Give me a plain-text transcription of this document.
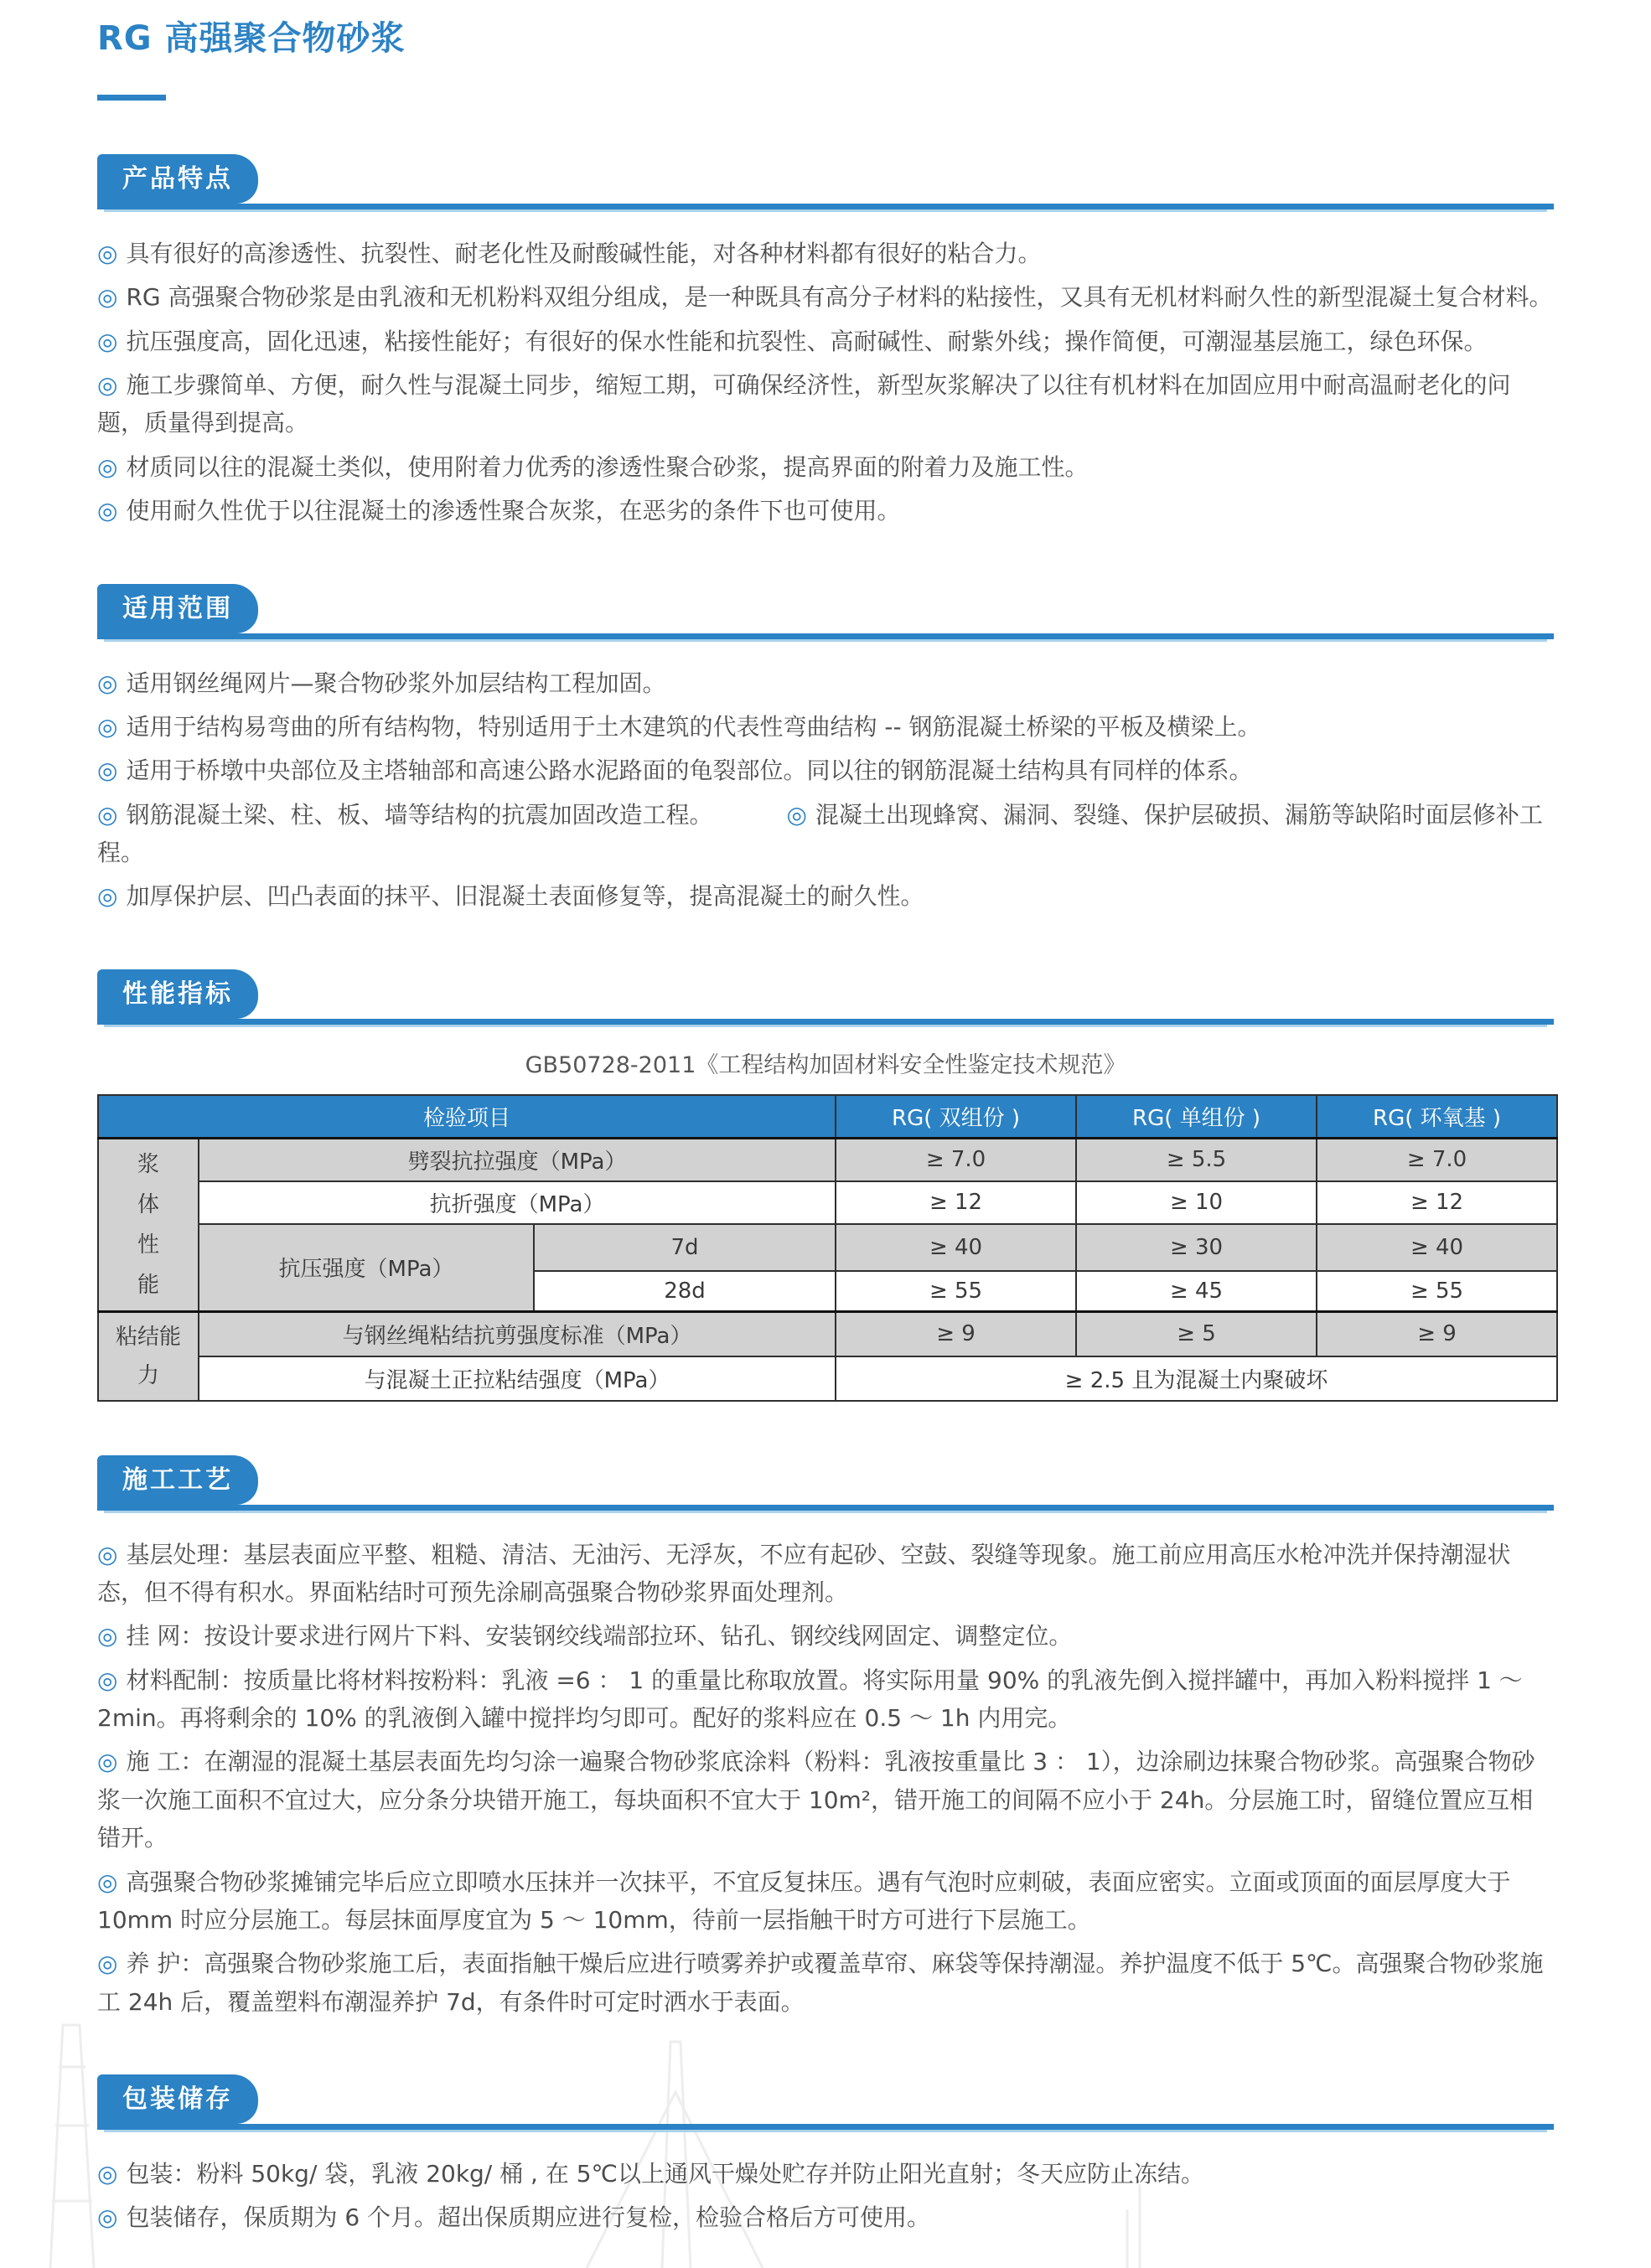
RG 高强聚合物砂浆
产品特点

◎ 具有很好的高渗透性、抗裂性、耐老化性及耐酸碱性能，对各种材料都有很好的粘合力。

◎ RG 高强聚合物砂浆是由乳液和无机粉料双组分组成，是一种既具有高分子材料的粘接性，又具有无机材料耐久性的新型混凝土复合材料。

◎ 抗压强度高，固化迅速，粘接性能好；有很好的保水性能和抗裂性、高耐碱性、耐紫外线；操作简便，可潮湿基层施工，绿色环保。

◎ 施工步骤简单、方便，耐久性与混凝土同步，缩短工期，可确保经济性，新型灰浆解决了以往有机材料在加固应用中耐高温耐老化的问题，质量得到提高。

◎ 材质同以往的混凝土类似，使用附着力优秀的渗透性聚合砂浆，提高界面的附着力及施工性。

◎ 使用耐久性优于以往混凝土的渗透性聚合灰浆，在恶劣的条件下也可使用。

适用范围

◎ 适用钢丝绳网片—聚合物砂浆外加层结构工程加固。

◎ 适用于结构易弯曲的所有结构物，特别适用于土木建筑的代表性弯曲结构 -- 钢筋混凝土桥梁的平板及横梁上。

◎ 适用于桥墩中央部位及主塔轴部和高速公路水泥路面的龟裂部位。同以往的钢筋混凝土结构具有同样的体系。

◎ 钢筋混凝土梁、柱、板、墙等结构的抗震加固改造工程。	◎ 混凝土出现蜂窝、漏洞、裂缝、保护层破损、漏筋等缺陷时面层修补工程。

◎ 加厚保护层、凹凸表面的抹平、旧混凝土表面修复等，提高混凝土的耐久性。

性能指标
GB50728-2011《工程结构加固材料安全性鉴定技术规范》
检验项目			RG( 双组份 )	RG( 单组份 )	RG( 环氧基 )
浆体性能	劈裂抗拉强度（MPa）		≥ 7.0	≥ 5.5	≥ 7.0
	抗折强度（MPa）		≥ 12	≥ 10	≥ 12
	抗压强度（MPa）	7d	≥ 40	≥ 30	≥ 40
		28d	≥ 55	≥ 45	≥ 55
粘结能力	与钢丝绳粘结抗剪强度标准（MPa）		≥ 9	≥ 5	≥ 9
	与混凝土正拉粘结强度（MPa）		≥ 2.5 且为混凝土内聚破坏		
施工工艺

◎ 基层处理：基层表面应平整、粗糙、清洁、无油污、无浮灰，不应有起砂、空鼓、裂缝等现象。施工前应用高压水枪冲洗并保持潮湿状态，但不得有积水。界面粘结时可预先涂刷高强聚合物砂浆界面处理剂。

◎ 挂 网：按设计要求进行网片下料、安装钢绞线端部拉环、钻孔、钢绞线网固定、调整定位。

◎ 材料配制：按质量比将材料按粉料：乳液 =6 ： 1 的重量比称取放置。将实际用量 90% 的乳液先倒入搅拌罐中，再加入粉料搅拌 1 ～ 2min。再将剩余的 10% 的乳液倒入罐中搅拌均匀即可。配好的浆料应在 0.5 ～ 1h 内用完。

◎ 施 工：在潮湿的混凝土基层表面先均匀涂一遍聚合物砂浆底涂料（粉料：乳液按重量比 3 ： 1），边涂刷边抹聚合物砂浆。高强聚合物砂浆一次施工面积不宜过大，应分条分块错开施工，每块面积不宜大于 10m²，错开施工的间隔不应小于 24h。分层施工时，留缝位置应互相错开。

◎ 高强聚合物砂浆摊铺完毕后应立即喷水压抹并一次抹平，不宜反复抹压。遇有气泡时应刺破，表面应密实。立面或顶面的面层厚度大于 10mm 时应分层施工。每层抹面厚度宜为 5 ～ 10mm，待前一层指触干时方可进行下层施工。

◎ 养 护：高强聚合物砂浆施工后，表面指触干燥后应进行喷雾养护或覆盖草帘、麻袋等保持潮湿。养护温度不低于 5℃。高强聚合物砂浆施工 24h 后，覆盖塑料布潮湿养护 7d，有条件时可定时洒水于表面。

包装储存

◎ 包装：粉料 50kg/ 袋，乳液 20kg/ 桶 , 在 5℃以上通风干燥处贮存并防止阳光直射；冬天应防止冻结。

◎ 包装储存，保质期为 6 个月。超出保质期应进行复检，检验合格后方可使用。
